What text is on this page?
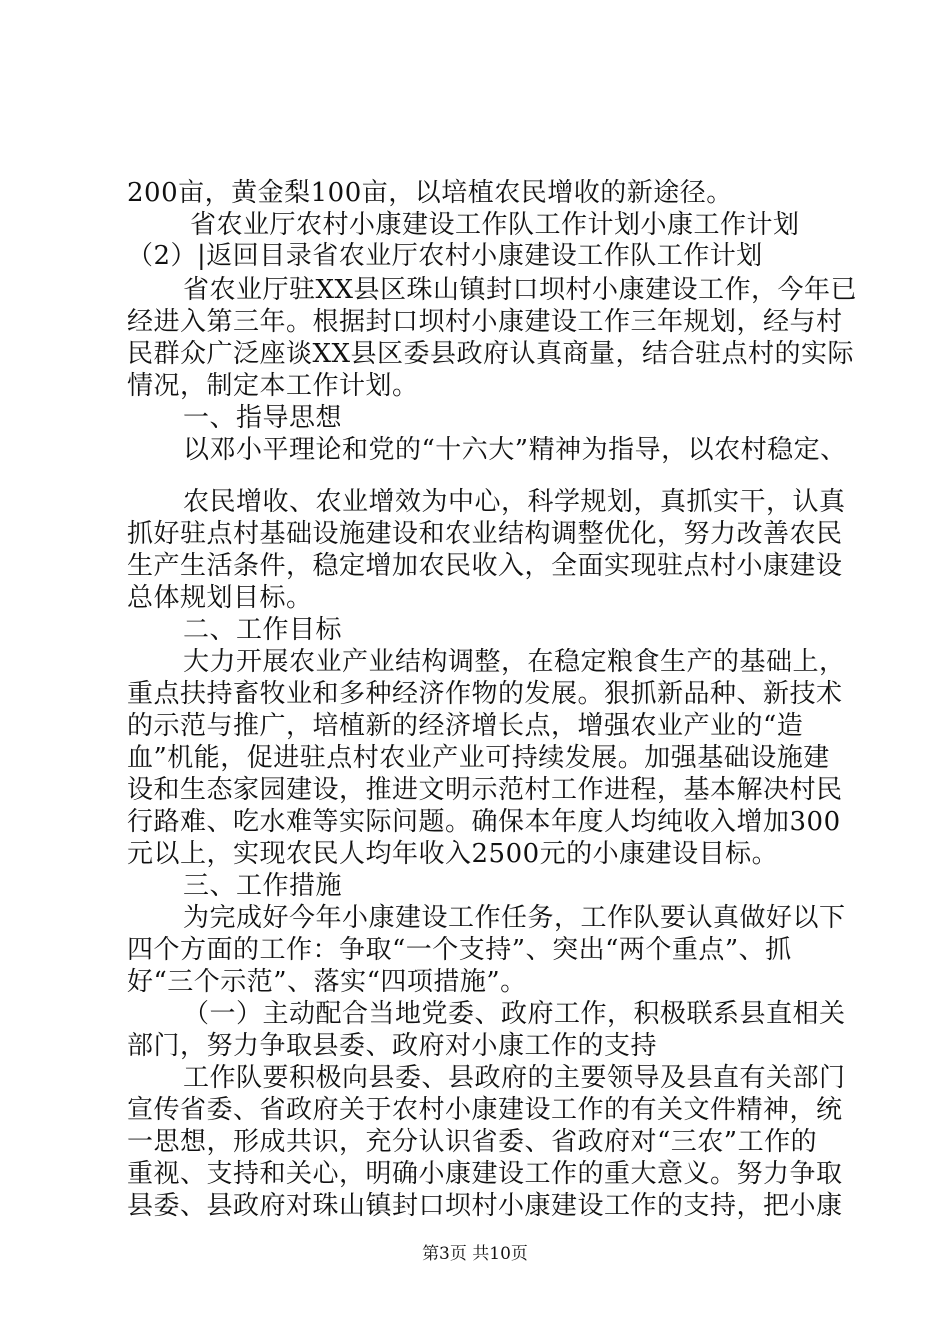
200亩，黄金梨100亩，以培植农民增收的新途径。
省农业厅农村小康建设工作队工作计划小康工作计划
（2）|返回目录省农业厅农村小康建设工作队工作计划
省农业厅驻XX县区珠山镇封口坝村小康建设工作，今年已
经进入第三年。根据封口坝村小康建设工作三年规划，经与村
民群众广泛座谈XX县区委县政府认真商量，结合驻点村的实际
情况，制定本工作计划。
一、指导思想
以邓小平理论和党的“十六大”精神为指导，以农村稳定、
农民增收、农业增效为中心，科学规划，真抓实干，认真
抓好驻点村基础设施建设和农业结构调整优化，努力改善农民
生产生活条件，稳定增加农民收入，全面实现驻点村小康建设
总体规划目标。
二、工作目标
大力开展农业产业结构调整，在稳定粮食生产的基础上，
重点扶持畜牧业和多种经济作物的发展。狠抓新品种、新技术
的示范与推广，培植新的经济增长点，增强农业产业的“造
血”机能，促进驻点村农业产业可持续发展。加强基础设施建
设和生态家园建设，推进文明示范村工作进程，基本解决村民
行路难、吃水难等实际问题。确保本年度人均纯收入增加300
元以上，实现农民人均年收入2500元的小康建设目标。
三、工作措施
为完成好今年小康建设工作任务，工作队要认真做好以下
四个方面的工作：争取“一个支持”、突出“两个重点”、抓
好“三个示范”、落实“四项措施”。
（一）主动配合当地党委、政府工作，积极联系县直相关
部门，努力争取县委、政府对小康工作的支持
工作队要积极向县委、县政府的主要领导及县直有关部门
宣传省委、省政府关于农村小康建设工作的有关文件精神，统
一思想，形成共识，充分认识省委、省政府对“三农”工作的
重视、支持和关心，明确小康建设工作的重大意义。努力争取
县委、县政府对珠山镇封口坝村小康建设工作的支持，把小康
第3页 共10页
